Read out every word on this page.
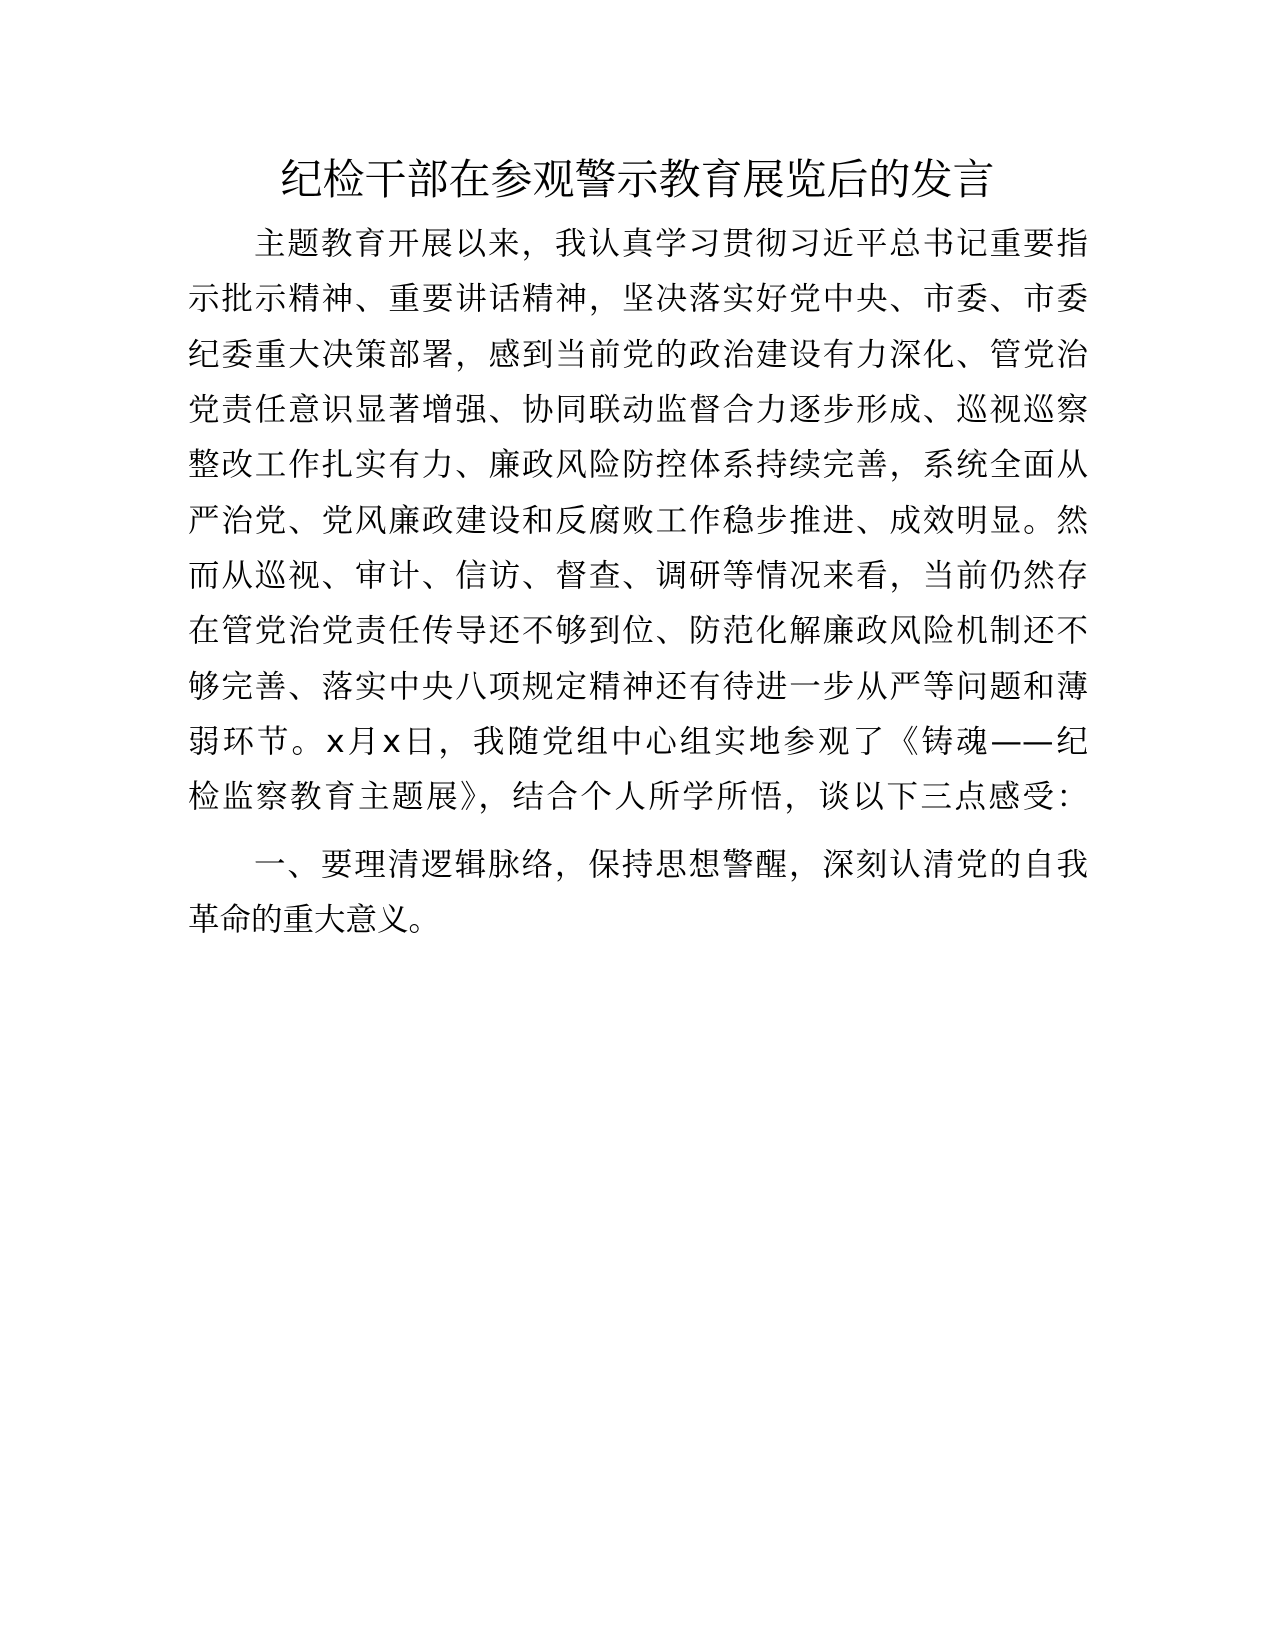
纪检干部在参观警示教育展览后的发言

主题教育开展以来，我认真学习贯彻习近平总书记重要指

示批示精神、重要讲话精神，坚决落实好党中央、市委、市委

纪委重大决策部署，感到当前党的政治建设有力深化、管党治

党责任意识显著增强、协同联动监督合力逐步形成、巡视巡察

整改工作扎实有力、廉政风险防控体系持续完善，系统全面从

严治党、党风廉政建设和反腐败工作稳步推进、成效明显。然

而从巡视、审计、信访、督查、调研等情况来看，当前仍然存

在管党治党责任传导还不够到位、防范化解廉政风险机制还不

够完善、落实中央八项规定精神还有待进一步从严等问题和薄

弱环节。x月x日，我随党组中心组实地参观了《铸魂——纪

检监察教育主题展》，结合个人所学所悟，谈以下三点感受：

一、要理清逻辑脉络，保持思想警醒，深刻认清党的自我

革命的重大意义。
